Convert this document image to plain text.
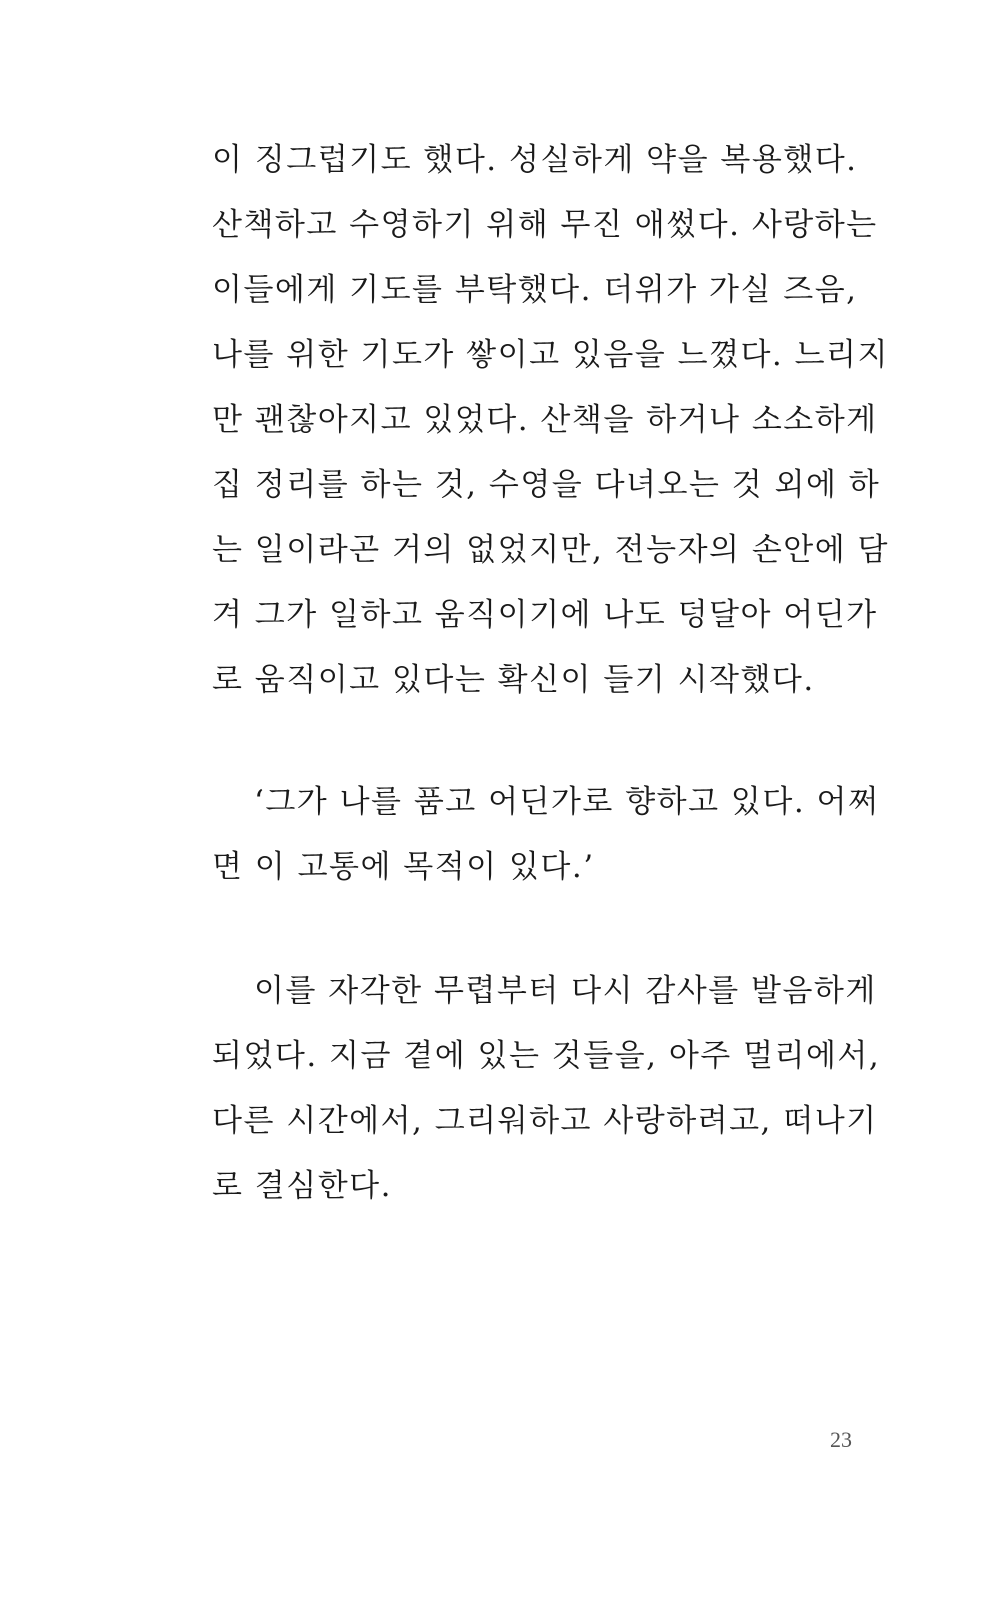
이 징그럽기도 했다. 성실하게 약을 복용했다.
산책하고 수영하기 위해 무진 애썼다. 사랑하는
이들에게 기도를 부탁했다. 더위가 가실 즈음,
나를 위한 기도가 쌓이고 있음을 느꼈다. 느리지
만 괜찮아지고 있었다. 산책을 하거나 소소하게
집 정리를 하는 것, 수영을 다녀오는 것 외에 하
는 일이라곤 거의 없었지만, 전능자의 손안에 담
겨 그가 일하고 움직이기에 나도 덩달아 어딘가
로 움직이고 있다는 확신이 들기 시작했다.
‘그가 나를 품고 어딘가로 향하고 있다. 어쩌
면 이 고통에 목적이 있다.’
이를 자각한 무렵부터 다시 감사를 발음하게
되었다. 지금 곁에 있는 것들을, 아주 멀리에서,
다른 시간에서, 그리워하고 사랑하려고, 떠나기
로 결심한다.
23
